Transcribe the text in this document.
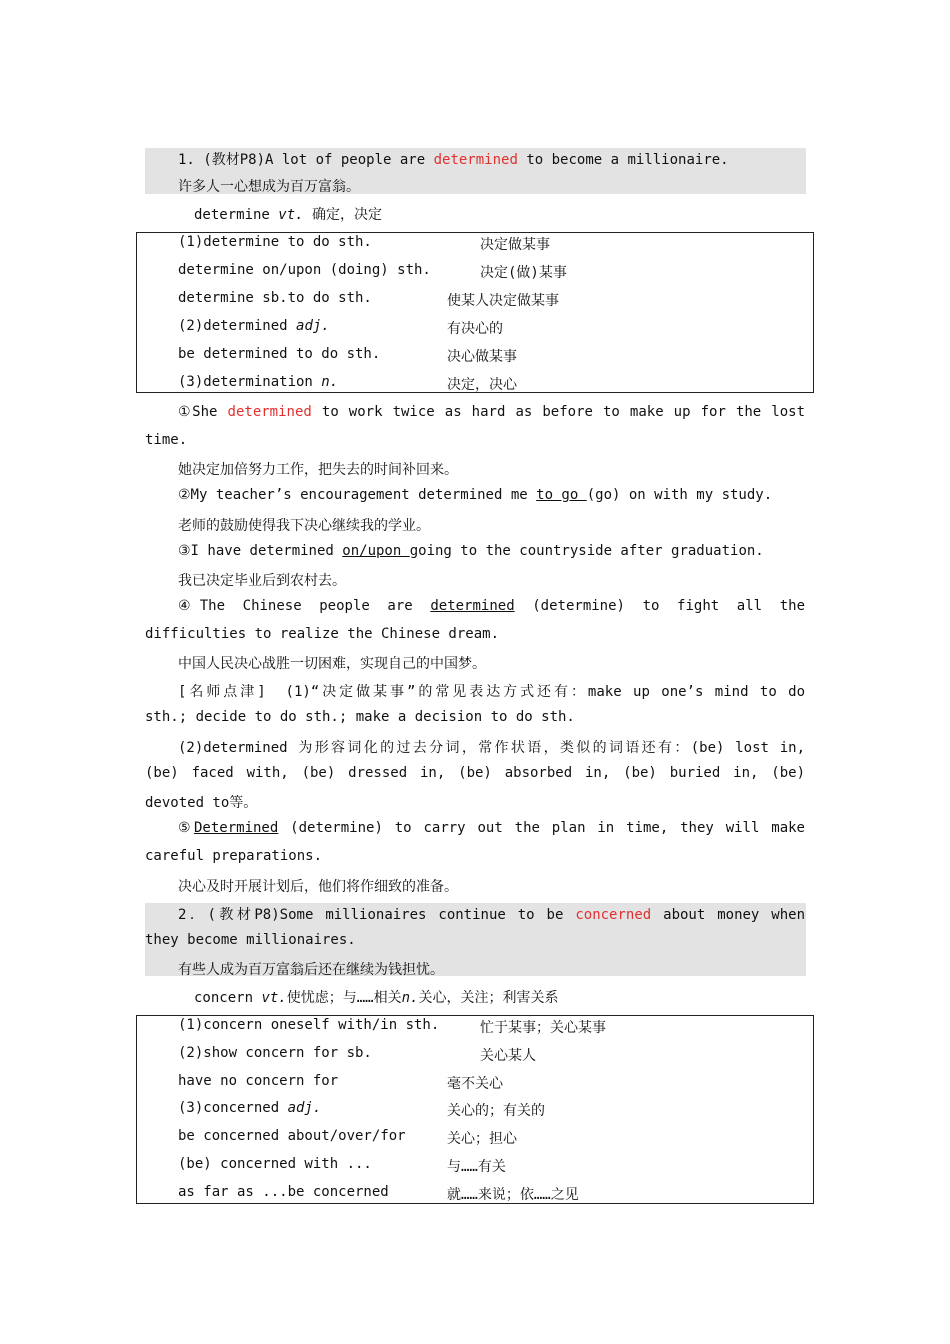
1. (教材P8)A lot of people are determined to become a millionaire.
许多人一心想成为百万富翁。
determine vt. 确定，决定
(1)determine to do sth.	决定做某事
determine on/upon (doing) sth.	决定(做)某事
determine sb.to do sth.	使某人决定做某事
(2)determined adj.	有决心的
be determined to do sth.	决心做某事
(3)determination n.	决定，决心
①She determined to work twice as hard as before to make up for the lost
time.
她决定加倍努力工作，把失去的时间补回来。
②My teacher’s encouragement determined me to go (go) on with my study.
老师的鼓励使得我下决心继续我的学业。
③I have determined on/upon going to the countryside after graduation.
我已决定毕业后到农村去。
④The Chinese people are determined (determine) to fight all the
difficulties to realize the Chinese dream.
中国人民决心战胜一切困难，实现自己的中国梦。
[名师点津]　(1)“决定做某事”的常见表达方式还有：make up one’s mind to do
sth.; decide to do sth.; make a decision to do sth.
(2)determined 为形容词化的过去分词，常作状语，类似的词语还有：(be) lost in,
(be) faced with, (be) dressed in, (be) absorbed in, (be) buried in, (be)
devoted to等。
⑤Determined (determine) to carry out the plan in time, they will make
careful preparations.
决心及时开展计划后，他们将作细致的准备。
2．(教材P8)Some millionaires continue to be concerned about money when
they become millionaires.
有些人成为百万富翁后还在继续为钱担忧。
concern vt.使忧虑；与……相关n.关心，关注；利害关系
(1)concern oneself with/in sth.	忙于某事；关心某事
(2)show concern for sb.	关心某人
have no concern for	毫不关心
(3)concerned adj.	关心的；有关的
be concerned about/over/for	关心；担心
(be) concerned with ...	与……有关
as far as ...be concerned	就……来说；依……之见
